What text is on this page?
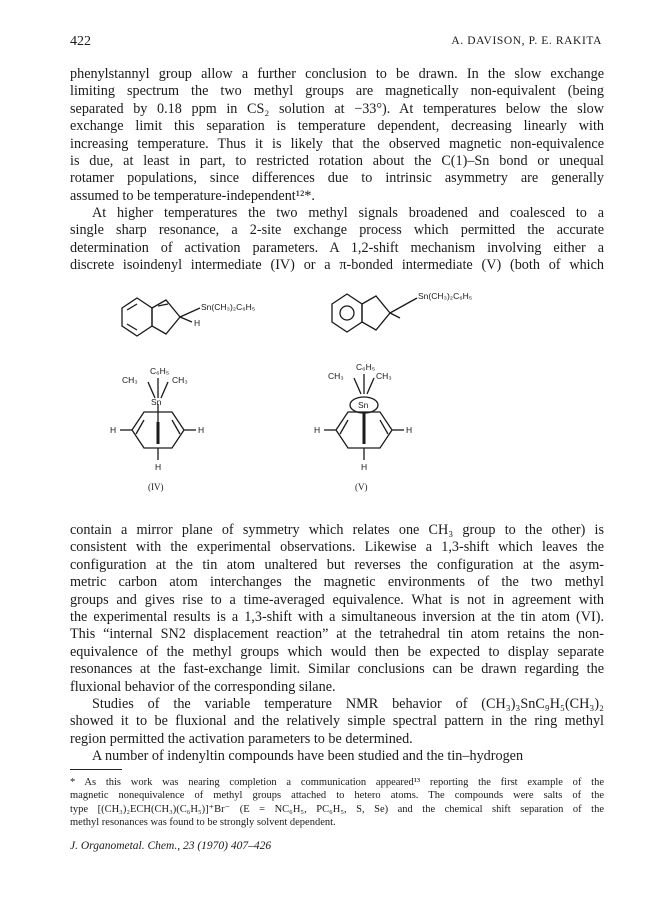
422	A. DAVISON, P. E. RAKITA
phenylstannyl group allow a further conclusion to be drawn. In the slow exchange
limiting spectrum the two methyl groups are magnetically non-equivalent (being
separated by 0.18 ppm in CS₂ solution at −33°). At temperatures below the slow
exchange limit this separation is temperature dependent, decreasing linearly with
increasing temperature. Thus it is likely that the observed magnetic non-equivalence
is due, at least in part, to restricted rotation about the C(1)–Sn bond or unequal
rotamer populations, since differences due to intrinsic asymmetry are generally
assumed to be temperature-independent¹²*.
At higher temperatures the two methyl signals broadened and coalesced to a
single sharp resonance, a 2-site exchange process which permitted the accurate
determination of activation parameters. A 1,2-shift mechanism involving either a
discrete isoindenyl intermediate (IV) or a π-bonded intermediate (V) (both of which
Sn(CH₃)₂C₆H₅
H
Sn(CH₃)₂C₆H₅
C₆H₅
CH₃	CH₃
Sn
H	H
H
(IV)
C₆H₅
CH₃	CH₃
Sn
H	H
H
(V)
contain a mirror plane of symmetry which relates one CH₃ group to the other) is
consistent with the experimental observations. Likewise a 1,3-shift which leaves the
configuration at the tin atom unaltered but reverses the configuration at the asym-
metric carbon atom interchanges the magnetic environments of the two methyl
groups and gives rise to a time-averaged equivalence. What is not in agreement with
the experimental results is a 1,3-shift with a simultaneous inversion at the tin atom (VI).
This “internal SN2 displacement reaction” at the tetrahedral tin atom retains the non-
equivalence of the methyl groups which would then be expected to display separate
resonances at the fast-exchange limit. Similar conclusions can be drawn regarding the
fluxional behavior of the corresponding silane.
Studies of the variable temperature NMR behavior of (CH₃)₃SnC₉H₅(CH₃)₂
showed it to be fluxional and the relatively simple spectral pattern in the ring methyl
region permitted the activation parameters to be determined.
A number of indenyltin compounds have been studied and the tin–hydrogen
* As this work was nearing completion a communication appeared¹³ reporting the first example of the
magnetic nonequivalence of methyl groups attached to hetero atoms. The compounds were salts of the
type [(CH₃)₂ECH(CH₃)(C₆H₅)]⁺Br⁻ (E = NC₆H₅, PC₆H₅, S, Se) and the chemical shift separation of the
methyl resonances was found to be strongly solvent dependent.
J. Organometal. Chem., 23 (1970) 407–426
